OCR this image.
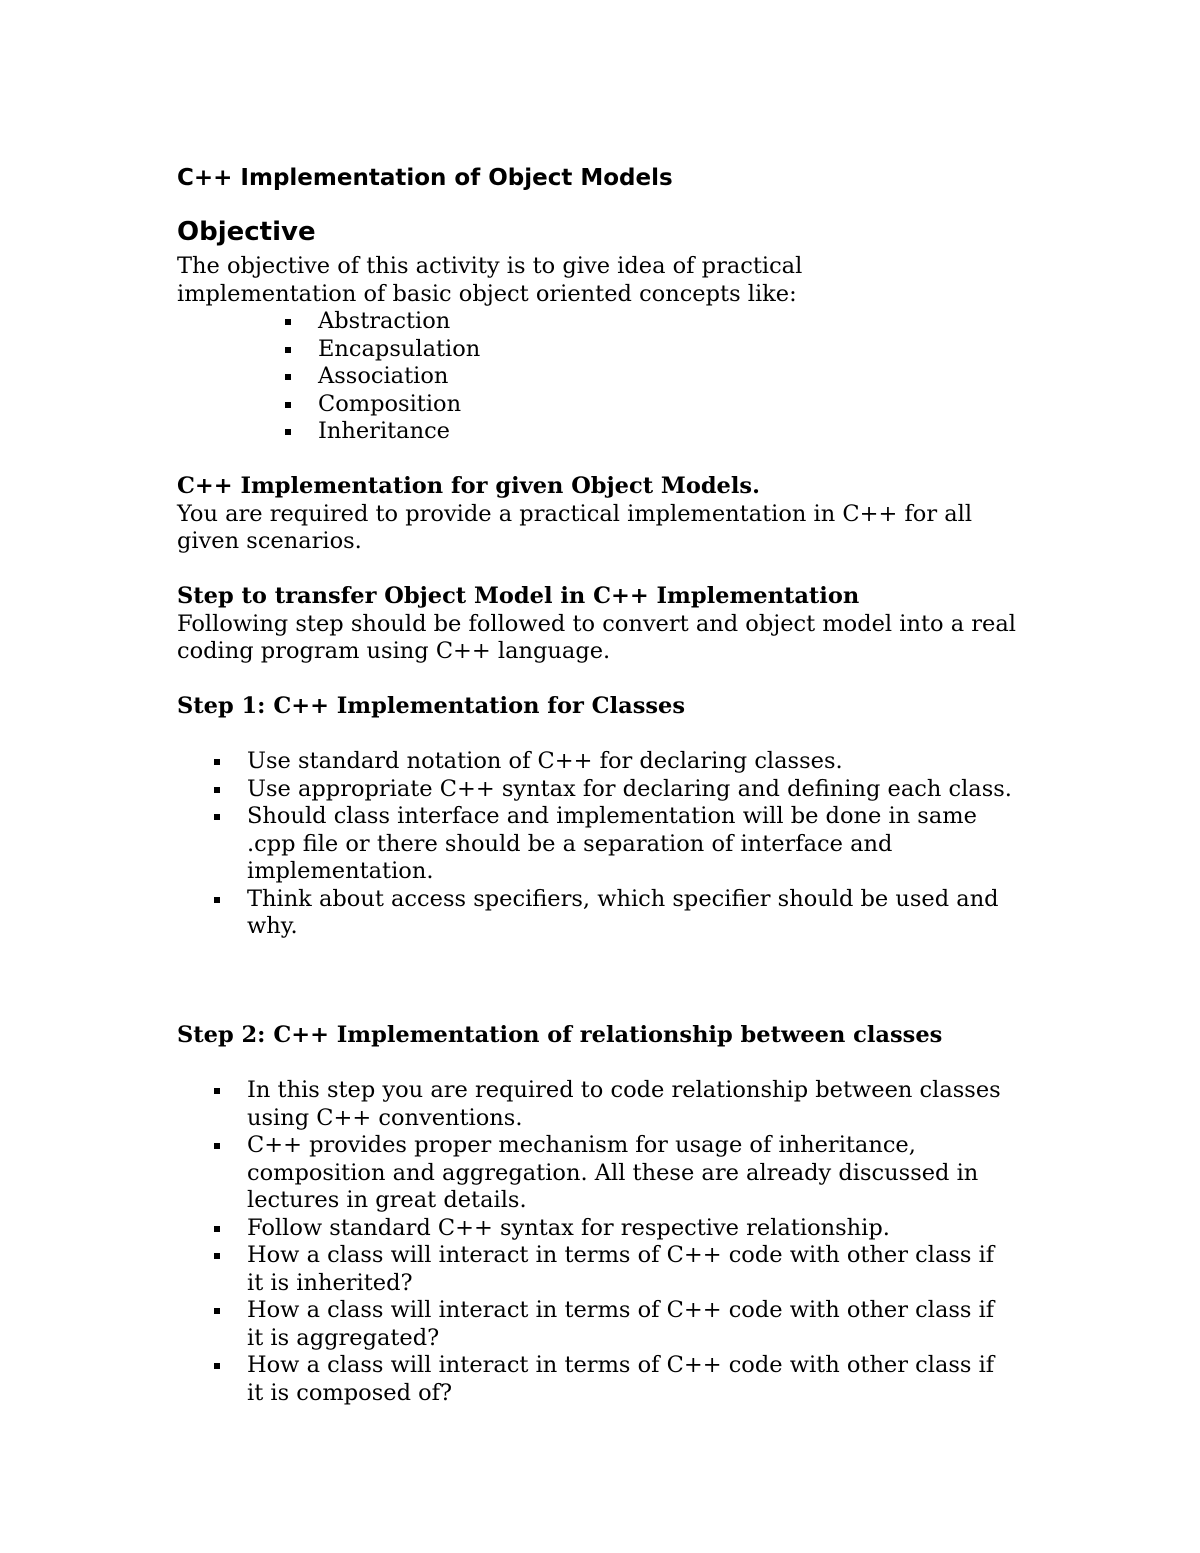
C++ Implementation of Object Models
Objective

The objective of this activity is to give idea of practical

implementation of basic object oriented concepts like:

Abstraction
Encapsulation
Association
Composition
Inheritance
C++ Implementation for given Object Models.

You are required to provide a practical implementation in C++ for all given scenarios.

Step to transfer Object Model in C++ Implementation

Following step should be followed to convert and object model into a real coding program using C++ language.

Step 1: C++ Implementation for Classes
Use standard notation of C++ for declaring classes.
Use appropriate C++ syntax for declaring and defining each class.
Should class interface and implementation will be done in same .cpp file or there should be a separation of interface and implementation.
Think about access specifiers, which specifier should be used and why.
Step 2: C++ Implementation of relationship between classes
In this step you are required to code relationship between classes using C++ conventions.
C++ provides proper mechanism for usage of inheritance, composition and aggregation. All these are already discussed in lectures in great details.
Follow standard C++ syntax for respective relationship.
How a class will interact in terms of C++ code with other class if it is inherited?
How a class will interact in terms of C++ code with other class if it is aggregated?
How a class will interact in terms of C++ code with other class if it is composed of?
